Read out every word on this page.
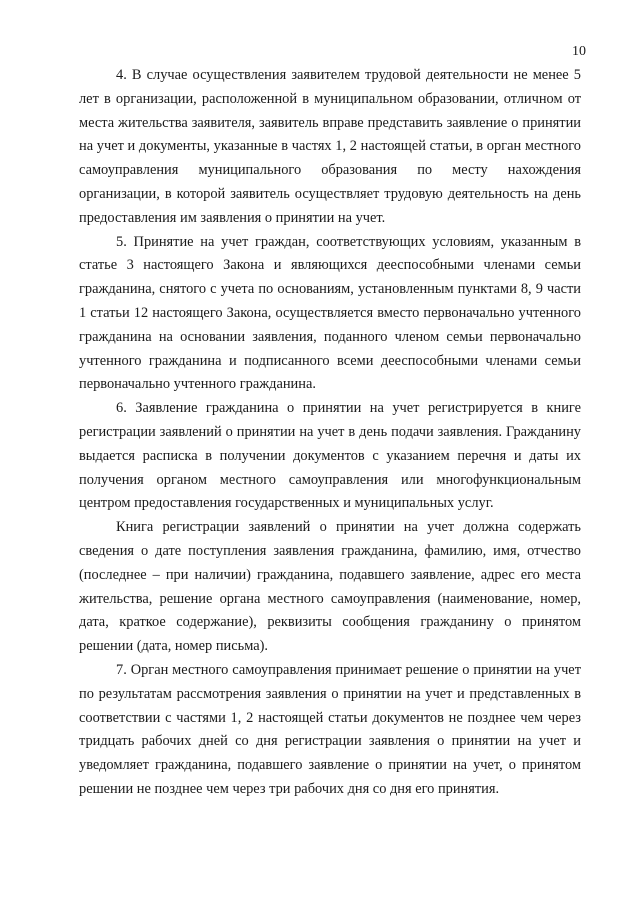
10

4. В случае осуществления заявителем трудовой деятельности не менее 5 лет в организации, расположенной в муниципальном образовании, отличном от места жительства заявителя, заявитель вправе представить заявление о принятии на учет и документы, указанные в частях 1, 2 настоящей статьи, в орган местного самоуправления муниципального образования по месту нахождения организации, в которой заявитель осуществляет трудовую деятельность на день предоставления им заявления о принятии на учет.

5. Принятие на учет граждан, соответствующих условиям, указанным в статье 3 настоящего Закона и являющихся дееспособными членами семьи гражданина, снятого с учета по основаниям, установленным пунктами 8, 9 части 1 статьи 12 настоящего Закона, осуществляется вместо первоначально учтенного гражданина на основании заявления, поданного членом семьи первоначально учтенного гражданина и подписанного всеми дееспособными членами семьи первоначально учтенного гражданина.

6. Заявление гражданина о принятии на учет регистрируется в книге регистрации заявлений о принятии на учет в день подачи заявления. Гражданину выдается расписка в получении документов с указанием перечня и даты их получения органом местного самоуправления или многофункциональным центром предоставления государственных и муниципальных услуг.

Книга регистрации заявлений о принятии на учет должна содержать сведения о дате поступления заявления гражданина, фамилию, имя, отчество (последнее – при наличии) гражданина, подавшего заявление, адрес его места жительства, решение органа местного самоуправления (наименование, номер, дата, краткое содержание), реквизиты сообщения гражданину о принятом решении (дата, номер письма).

7. Орган местного самоуправления принимает решение о принятии на учет по результатам рассмотрения заявления о принятии на учет и представленных в соответствии с частями 1, 2 настоящей статьи документов не позднее чем через тридцать рабочих дней со дня регистрации заявления о принятии на учет и уведомляет гражданина, подавшего заявление о принятии на учет, о принятом решении не позднее чем через три рабочих дня со дня его принятия.
